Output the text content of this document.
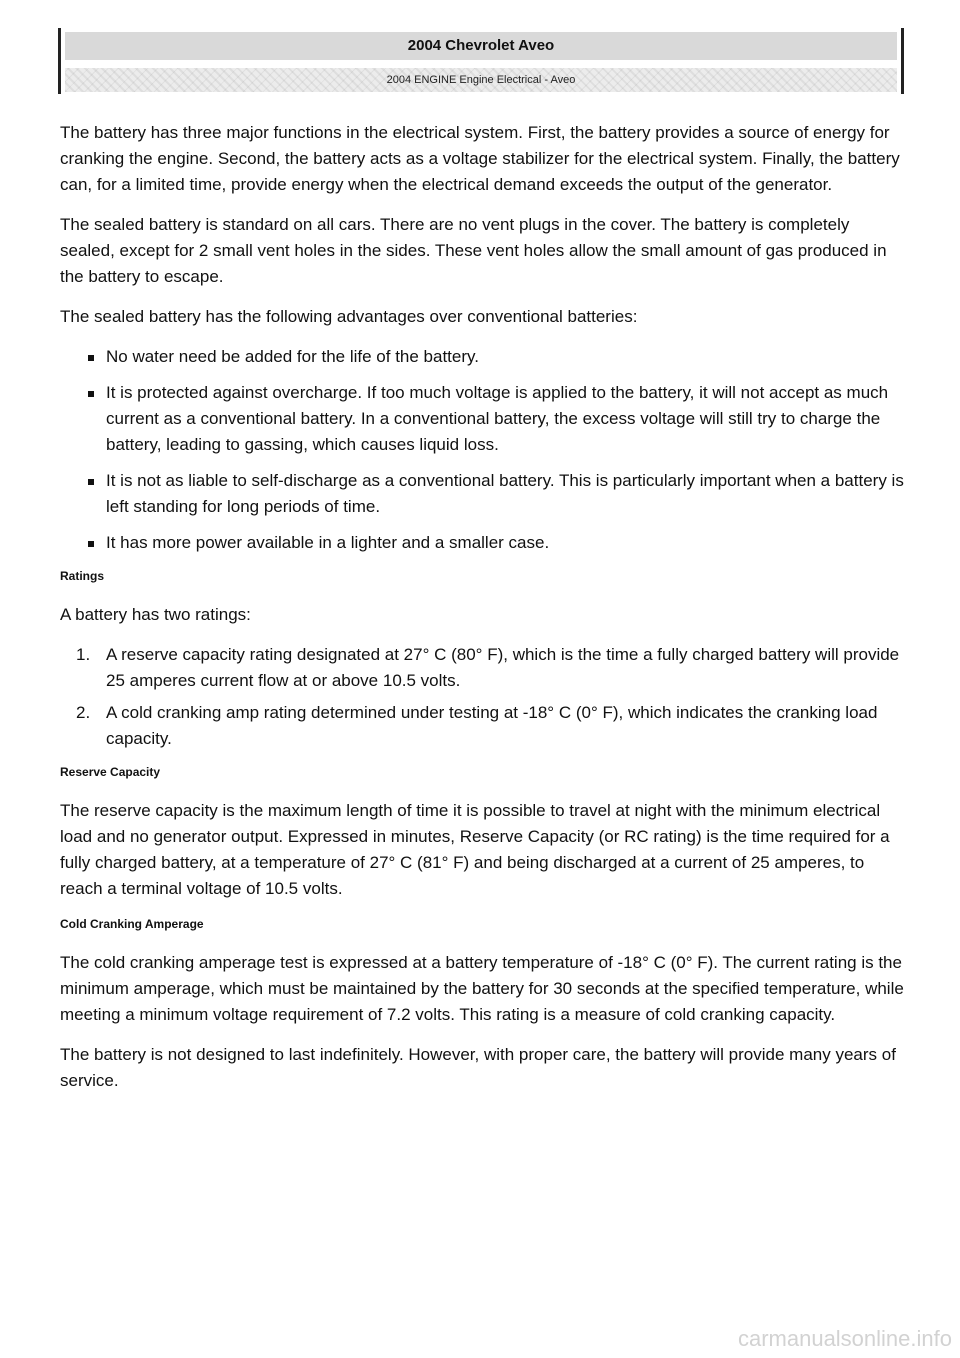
2004 Chevrolet Aveo
2004 ENGINE Engine Electrical - Aveo

The battery has three major functions in the electrical system. First, the battery provides a source of energy for cranking the engine. Second, the battery acts as a voltage stabilizer for the electrical system. Finally, the battery can, for a limited time, provide energy when the electrical demand exceeds the output of the generator.

The sealed battery is standard on all cars. There are no vent plugs in the cover. The battery is completely sealed, except for 2 small vent holes in the sides. These vent holes allow the small amount of gas produced in the battery to escape.

The sealed battery has the following advantages over conventional batteries:

No water need be added for the life of the battery.
It is protected against overcharge. If too much voltage is applied to the battery, it will not accept as much current as a conventional battery. In a conventional battery, the excess voltage will still try to charge the battery, leading to gassing, which causes liquid loss.
It is not as liable to self-discharge as a conventional battery. This is particularly important when a battery is left standing for long periods of time.
It has more power available in a lighter and a smaller case.
Ratings

A battery has two ratings:

1. A reserve capacity rating designated at 27° C (80° F), which is the time a fully charged battery will provide 25 amperes current flow at or above 10.5 volts.
2. A cold cranking amp rating determined under testing at -18° C (0° F), which indicates the cranking load capacity.
Reserve Capacity

The reserve capacity is the maximum length of time it is possible to travel at night with the minimum electrical load and no generator output. Expressed in minutes, Reserve Capacity (or RC rating) is the time required for a fully charged battery, at a temperature of 27° C (81° F) and being discharged at a current of 25 amperes, to reach a terminal voltage of 10.5 volts.

Cold Cranking Amperage

The cold cranking amperage test is expressed at a battery temperature of -18° C (0° F). The current rating is the minimum amperage, which must be maintained by the battery for 30 seconds at the specified temperature, while meeting a minimum voltage requirement of 7.2 volts. This rating is a measure of cold cranking capacity.

The battery is not designed to last indefinitely. However, with proper care, the battery will provide many years of service.

carmanualsonline.info
